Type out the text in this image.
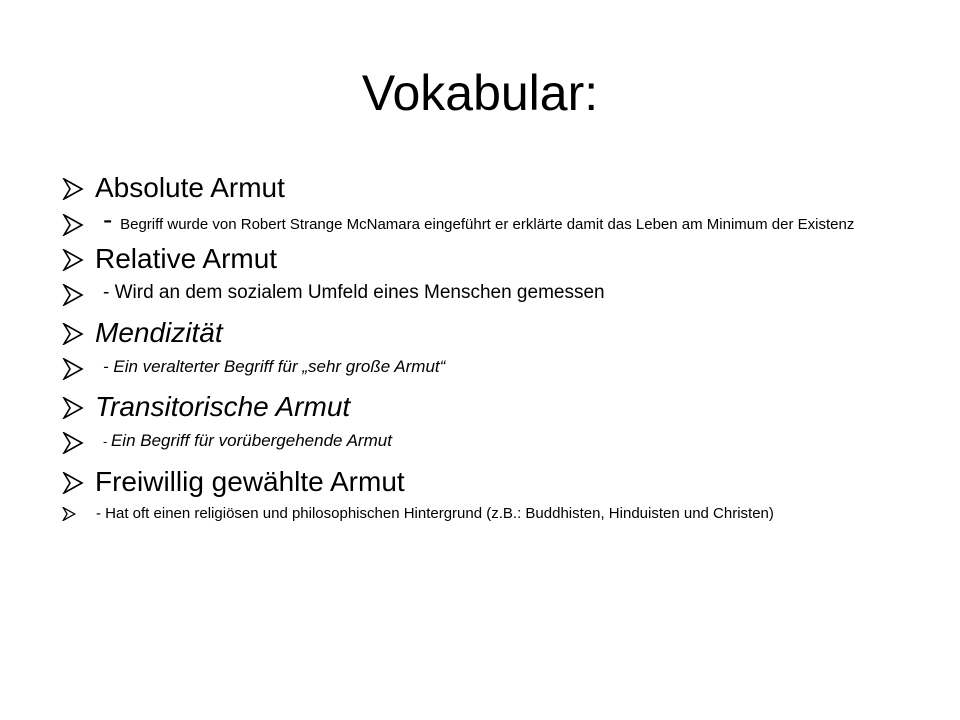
Vokabular:
Absolute Armut
- Begriff wurde von Robert Strange McNamara eingeführt er erklärte damit das Leben am Minimum der Existenz
Relative Armut
- Wird an dem sozialem Umfeld eines Menschen gemessen
Mendizität
- Ein veralterter Begriff für „sehr große Armut“
Transitorische Armut
- Ein Begriff für vorübergehende Armut
Freiwillig gewählte Armut
- Hat oft einen religiösen und philosophischen Hintergrund (z.B.: Buddhisten, Hinduisten und Christen)
